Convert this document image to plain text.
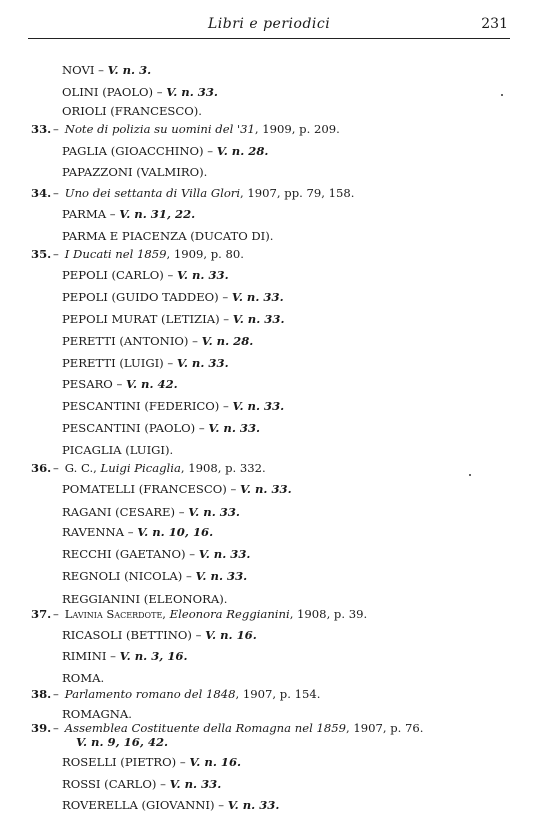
Libri e periodici	231
NOVI – V. n. 3.
OLINI (PAOLO) – V. n. 33.
ORIOLI (FRANCESCO).
33. – Note di polizia su uomini del '31, 1909, p. 209.
PAGLIA (GIOACCHINO) – V. n. 28.
PAPAZZONI (VALMIRO).
34. – Uno dei settanta di Villa Glori, 1907, pp. 79, 158.
PARMA – V. n. 31, 22.
PARMA E PIACENZA (DUCATO DI).
35. – I Ducati nel 1859, 1909, p. 80.
PEPOLI (CARLO) – V. n. 33.
PEPOLI (GUIDO TADDEO) – V. n. 33.
PEPOLI MURAT (LETIZIA) – V. n. 33.
PERETTI (ANTONIO) – V. n. 28.
PERETTI (LUIGI) – V. n. 33.
PESARO – V. n. 42.
PESCANTINI (FEDERICO) – V. n. 33.
PESCANTINI (PAOLO) – V. n. 33.
PICAGLIA (LUIGI).
36. – G. C., Luigi Picaglia, 1908, p. 332.
POMATELLI (FRANCESCO) – V. n. 33.
RAGANI (CESARE) – V. n. 33.
RAVENNA – V. n. 10, 16.
RECCHI (GAETANO) – V. n. 33.
REGNOLI (NICOLA) – V. n. 33.
REGGIANINI (ELEONORA).
37. – Lavinia Sacerdote, Eleonora Reggianini, 1908, p. 39.
RICASOLI (BETTINO) – V. n. 16.
RIMINI – V. n. 3, 16.
ROMA.
38. – Parlamento romano del 1848, 1907, p. 154.
ROMAGNA.
39. – Assemblea Costituente della Romagna nel 1859, 1907, p. 76.
V. n. 9, 16, 42.
ROSELLI (PIETRO) – V. n. 16.
ROSSI (CARLO) – V. n. 33.
ROVERELLA (GIOVANNI) – V. n. 33.
